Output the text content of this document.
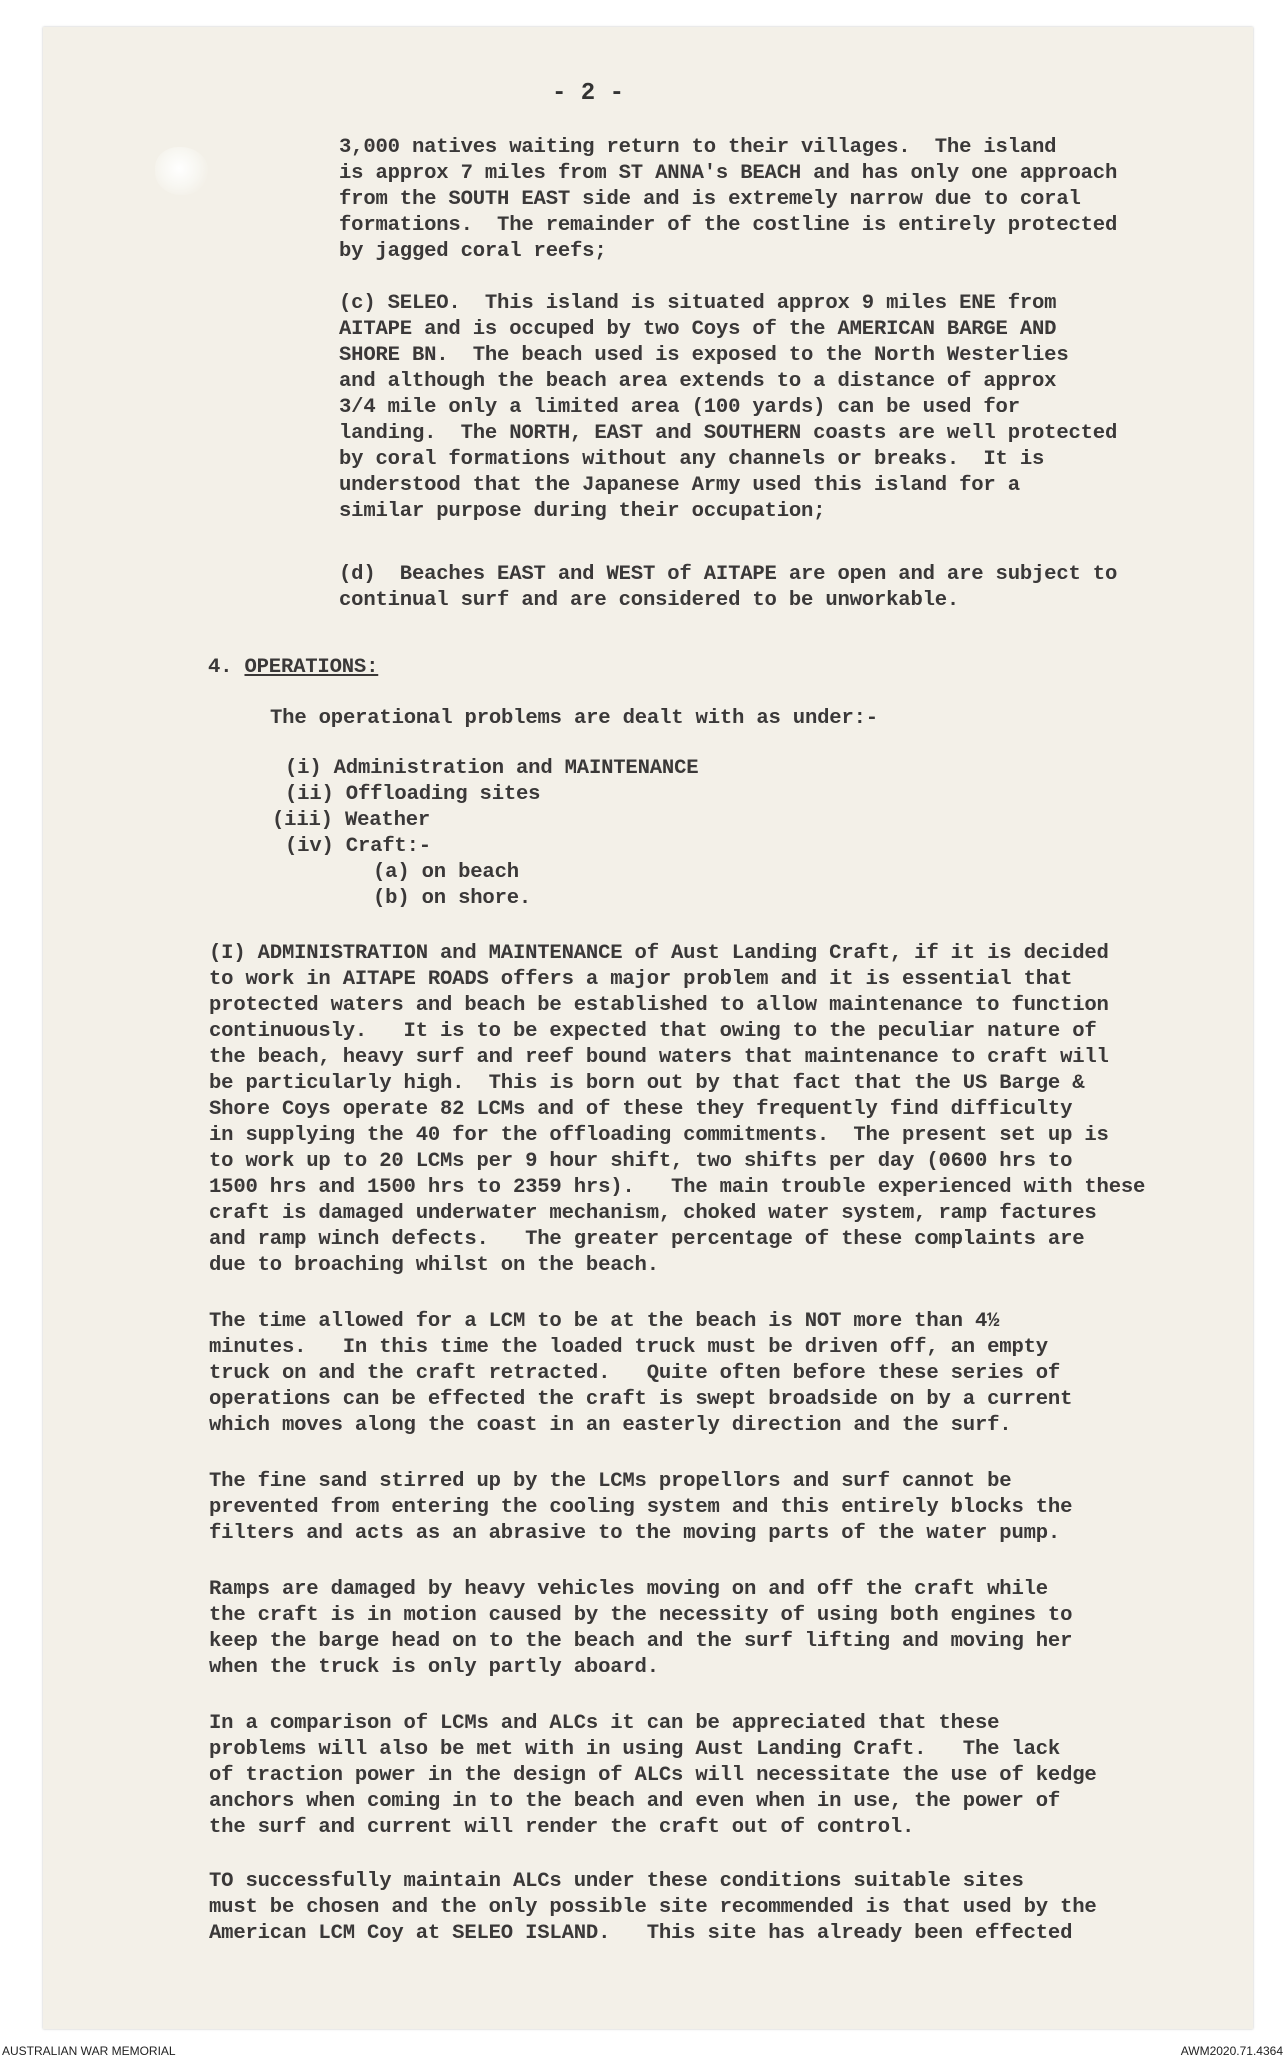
- 2 -
3,000 natives waiting return to their villages.  The island
is approx 7 miles from ST ANNA's BEACH and has only one approach
from the SOUTH EAST side and is extremely narrow due to coral
formations.  The remainder of the costline is entirely protected
by jagged coral reefs;
(c) SELEO.  This island is situated approx 9 miles ENE from
AITAPE and is occuped by two Coys of the AMERICAN BARGE AND
SHORE BN.  The beach used is exposed to the North Westerlies
and although the beach area extends to a distance of approx
3/4 mile only a limited area (100 yards) can be used for
landing.  The NORTH, EAST and SOUTHERN coasts are well protected
by coral formations without any channels or breaks.  It is
understood that the Japanese Army used this island for a
similar purpose during their occupation;
(d)  Beaches EAST and WEST of AITAPE are open and are subject to
continual surf and are considered to be unworkable.
4. OPERATIONS:
The operational problems are dealt with as under:-
(i) Administration and MAINTENANCE
(ii) Offloading sites
(iii) Weather
(iv) Craft:-
(a) on beach
(b) on shore.
(I) ADMINISTRATION and MAINTENANCE of Aust Landing Craft, if it is decided
to work in AITAPE ROADS offers a major problem and it is essential that
protected waters and beach be established to allow maintenance to function
continuously.   It is to be expected that owing to the peculiar nature of
the beach, heavy surf and reef bound waters that maintenance to craft will
be particularly high.  This is born out by that fact that the US Barge &
Shore Coys operate 82 LCMs and of these they frequently find difficulty
in supplying the 40 for the offloading commitments.  The present set up is
to work up to 20 LCMs per 9 hour shift, two shifts per day (0600 hrs to
1500 hrs and 1500 hrs to 2359 hrs).   The main trouble experienced with these
craft is damaged underwater mechanism, choked water system, ramp factures
and ramp winch defects.   The greater percentage of these complaints are
due to broaching whilst on the beach.
The time allowed for a LCM to be at the beach is NOT more than 4½
minutes.   In this time the loaded truck must be driven off, an empty
truck on and the craft retracted.   Quite often before these series of
operations can be effected the craft is swept broadside on by a current
which moves along the coast in an easterly direction and the surf.
The fine sand stirred up by the LCMs propellors and surf cannot be
prevented from entering the cooling system and this entirely blocks the
filters and acts as an abrasive to the moving parts of the water pump.
Ramps are damaged by heavy vehicles moving on and off the craft while
the craft is in motion caused by the necessity of using both engines to
keep the barge head on to the beach and the surf lifting and moving her
when the truck is only partly aboard.
In a comparison of LCMs and ALCs it can be appreciated that these
problems will also be met with in using Aust Landing Craft.   The lack
of traction power in the design of ALCs will necessitate the use of kedge
anchors when coming in to the beach and even when in use, the power of
the surf and current will render the craft out of control.
TO successfully maintain ALCs under these conditions suitable sites
must be chosen and the only possible site recommended is that used by the
American LCM Coy at SELEO ISLAND.   This site has already been effected
AUSTRALIAN WAR MEMORIAL	AWM2020.71.4364
